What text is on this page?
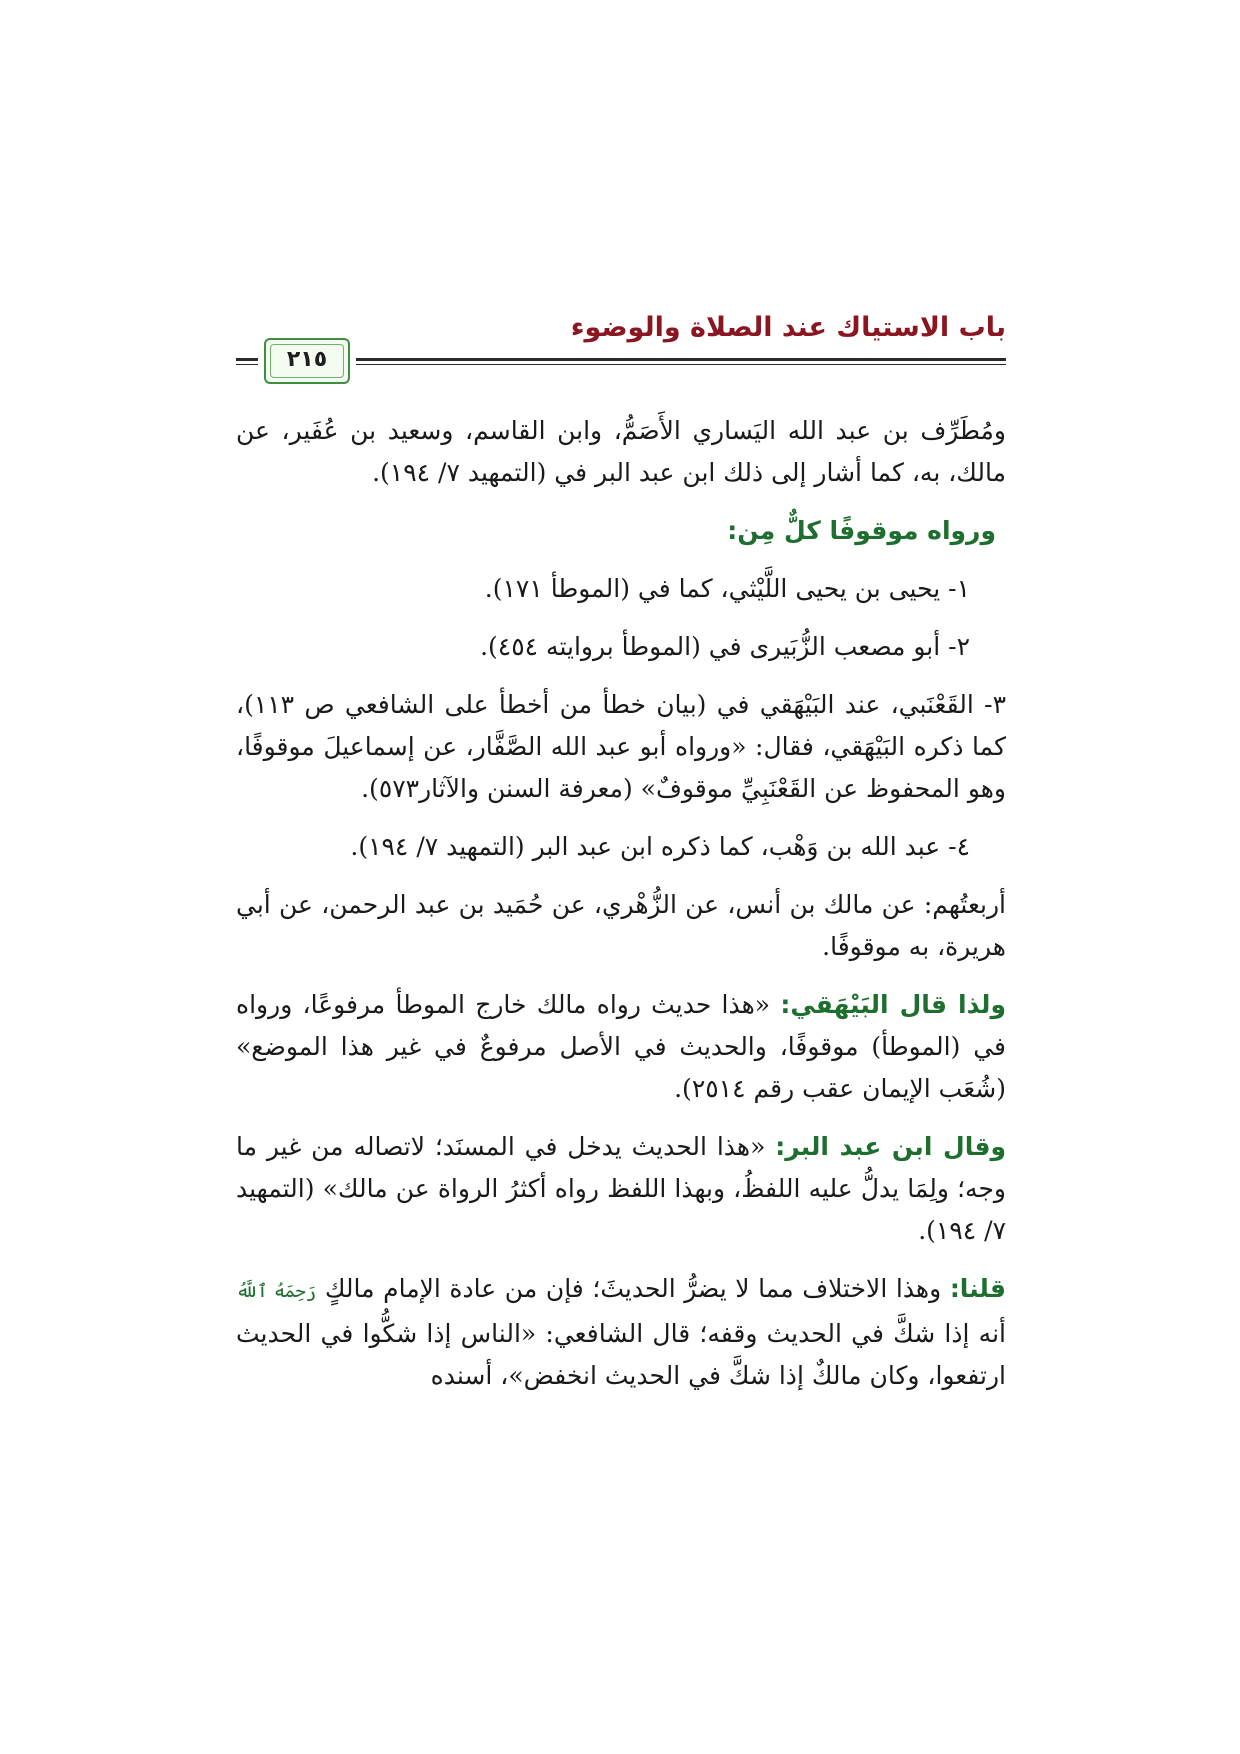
باب الاستياك عند الصلاة والوضوء
٢١٥

ومُطَرِّف بن عبد الله اليَساري الأَصَمُّ، وابن القاسم، وسعيد بن عُفَير، عن مالك، به، كما أشار إلى ذلك ابن عبد البر في (التمهيد ٧/ ١٩٤).

ورواه موقوفًا كلٌّ مِن:

١- يحيى بن يحيى اللَّيْثي، كما في (الموطأ ١٧١).

٢- أبو مصعب الزُّبَيرى في (الموطأ بروايته ٤٥٤).

٣- القَعْنَبي، عند البَيْهَقي في (بيان خطأ من أخطأ على الشافعي ص ١١٣)، كما ذكره البَيْهَقي، فقال: «ورواه أبو عبد الله الصَّفَّار، عن إسماعيلَ موقوفًا، وهو المحفوظ عن القَعْنَبِيِّ موقوفٌ» (معرفة السنن والآثار٥٧٣).

٤- عبد الله بن وَهْب، كما ذكره ابن عبد البر (التمهيد ٧/ ١٩٤).

أربعتُهم: عن مالك بن أنس، عن الزُّهْري، عن حُمَيد بن عبد الرحمن، عن أبي هريرة، به موقوفًا.

ولذا قال البَيْهَقي: «هذا حديث رواه مالك خارج الموطأ مرفوعًا، ورواه في (الموطأ) موقوفًا، والحديث في الأصل مرفوعٌ في غير هذا الموضع» (شُعَب الإيمان عقب رقم ٢٥١٤).

وقال ابن عبد البر: «هذا الحديث يدخل في المسنَد؛ لاتصاله من غير ما وجه؛ ولِمَا يدلُّ عليه اللفظُ، وبهذا اللفظ رواه أكثرُ الرواة عن مالك» (التمهيد ٧/ ١٩٤).

قلنا: وهذا الاختلاف مما لا يضرُّ الحديثَ؛ فإن من عادة الإمام مالكٍ رَحِمَهُ ٱللَّهُ أنه إذا شكَّ في الحديث وقفه؛ قال الشافعي: «الناس إذا شكُّوا في الحديث ارتفعوا، وكان مالكٌ إذا شكَّ في الحديث انخفض»، أسنده
